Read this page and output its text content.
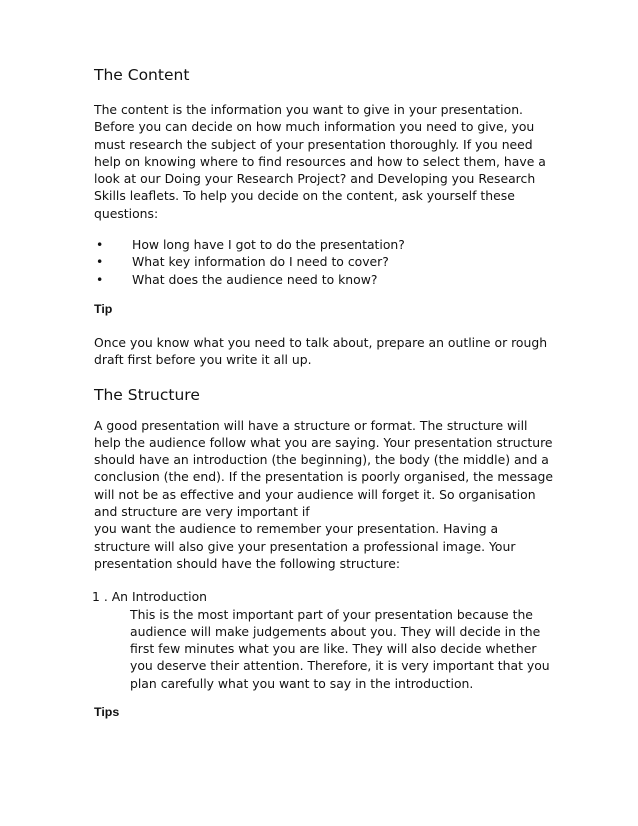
The Content

The content is the information you want to give in your presentation. Before you can decide on how much information you need to give, you must research the subject of your presentation thoroughly. If you need help on knowing where to find resources and how to select them, have a look at our Doing your Research Project? and Developing you Research Skills leaflets. To help you decide on the content, ask yourself these questions:

• How long have I got to do the presentation?
• What key information do I need to cover?
• What does the audience need to know?

Tip

Once you know what you need to talk about, prepare an outline or rough draft first before you write it all up.

The Structure

A good presentation will have a structure or format. The structure will help the audience follow what you are saying. Your presentation structure should have an introduction (the beginning), the body (the middle) and a conclusion (the end). If the presentation is poorly organised, the message will not be as effective and your audience will forget it. So organisation and structure are very important if

you want the audience to remember your presentation. Having a structure will also give your presentation a professional image. Your presentation should have the following structure:

1 . An Introduction

This is the most important part of your presentation because the audience will make judgements about you. They will decide in the first few minutes what you are like. They will also decide whether you deserve their attention. Therefore, it is very important that you plan carefully what you want to say in the introduction.

Tips
